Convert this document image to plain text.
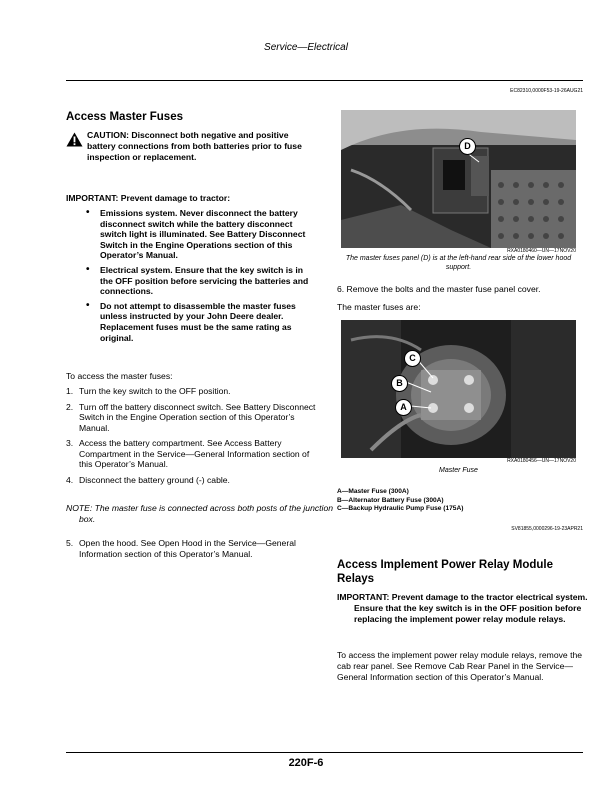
Service—Electrical
EC82310,0000F53-19-26AUG21
Access Master Fuses
CAUTION: Disconnect both negative and positive battery connections from both batteries prior to fuse inspection or replacement.
IMPORTANT: Prevent damage to tractor:
• Emissions system. Never disconnect the battery disconnect switch while the battery disconnect switch light is illuminated. See Battery Disconnect Switch in the Engine Operations section of this Operator’s Manual.
• Electrical system. Ensure that the key switch is in the OFF position before servicing the batteries and connections.
• Do not attempt to disassemble the master fuses unless instructed by your John Deere dealer. Replacement fuses must be the same rating as original.
To access the master fuses:
1. Turn the key switch to the OFF position.
2. Turn off the battery disconnect switch. See Battery Disconnect Switch in the Engine Operation section of this Operator’s Manual.
3. Access the battery compartment. See Access Battery Compartment in the Service—General Information section of this Operator’s Manual.
4. Disconnect the battery ground (-) cable.
NOTE: The master fuse is connected across both posts of the junction box.
5. Open the hood. See Open Hood in the Service—General Information section of this Operator’s Manual.
D
RXA0180460—UN—17NOV20
The master fuses panel (D) is at the left-hand rear side of the lower hood support.
6. Remove the bolts and the master fuse panel cover.
The master fuses are:
C
B
A
RXA0180456—UN—17NOV20
Master Fuse
A—Master Fuse (300A)
B—Alternator Battery Fuse (300A)
C—Backup Hydraulic Pump Fuse (175A)
SV81855,0000296-19-23APR21
Access Implement Power Relay Module Relays
IMPORTANT: Prevent damage to the tractor electrical system. Ensure that the key switch is in the OFF position before replacing the implement power relay module relays.
To access the implement power relay module relays, remove the cab rear panel. See Remove Cab Rear Panel in the Service—General Information section of this Operator’s Manual.
220F-6
